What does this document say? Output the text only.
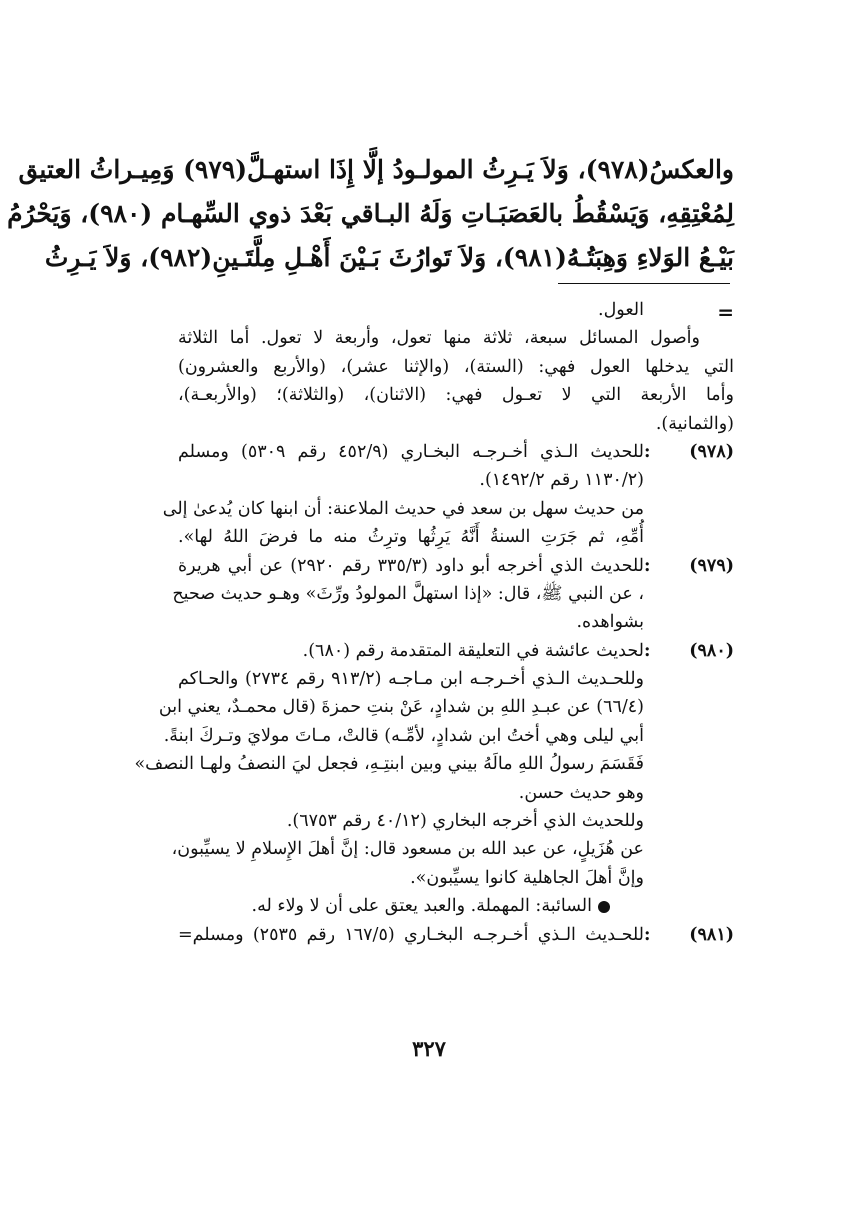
والعكسُ(٩٧٨)، وَلاَ يَـرِثُ المولـودُ إلَّا إِذَا استهـلَّ(٩٧٩) وَمِيـراثُ العتيق
لِمُعْتِقِهِ، وَيَسْقُطُ بالعَصَبَـاتِ وَلَهُ البـاقي بَعْدَ ذوي السِّهـام (٩٨٠)، وَيَحْرُمُ
بَيْـعُ الوَلاءِ وَهِبَتُـهُ(٩٨١)، وَلاَ تَوارُثَ بَـيْنَ أَهْـلِ مِلَّتَـينِ(٩٨٢)، وَلاَ يَـرِثُ
=
العول.
وأصول المسائل سبعة، ثلاثة منها تعول، وأربعة لا تعول. أما الثلاثة
التي يدخلها العول فهي: (الستة)، (والإثنا عشر)، (والأربع والعشرون)
وأما الأربعة التي لا تعـول فهي: (الاثنان)، (والثلاثة)؛ (والأربعـة)،
(والثمانية).
(٩٧٨) :
للحديث الـذي أخـرجـه البخـاري (٤٥٢/٩ رقم ٥٣٠٩) ومسلم
(١١٣٠/٢ رقم ١٤٩٢/٢).
من حديث سهل بن سعد في حديث الملاعنة: أن ابنها كان يُدعىٰ إلى
أُمِّهِ، ثم جَرَتِ السنةُ أَنَّهُ يَرِثُها وترِثُ منه ما فرضَ اللهُ لها».
(٩٧٩) :
للحديث الذي أخرجه أبو داود (٣٣٥/٣ رقم ٢٩٢٠) عن أبي هريرة
، عن النبي ﷺ، قال: «إذا استهلَّ المولودُ ورِّثَ» وهـو حديث صحيح
بشواهده.
(٩٨٠) :
لحديث عائشة في التعليقة المتقدمة رقم (٦٨٠).
وللحـديث الـذي أخـرجـه ابن مـاجـه (٩١٣/٢ رقم ٢٧٣٤) والحـاكم
(٦٦/٤) عن عبـدِ اللهِ بن شدادٍ، عَنْ بنتِ حمزةَ (قال محمـدٌ، يعني ابن
أبي ليلى وهي أختُ ابن شدادٍ، لأمِّـه) قالتْ، مـاتَ مولايَ وتـركَ ابنةً.
فَقَسَمَ رسولُ اللهِ مالَهُ بيني وبين ابنتِـهِ، فجعل ليَ النصفُ ولهـا النصف»
وهو حديث حسن.
وللحديث الذي أخرجه البخاري (٤٠/١٢ رقم ٦٧٥٣).
عن هُزَيلٍ، عن عبد الله بن مسعود قال: إنَّ أهلَ الإِسلامِ لا يسيِّبون،
وإنَّ أهلَ الجاهلية كانوا يسيِّبون».
السائبة: المهملة. والعبد يعتق على أن لا ولاء له.
(٩٨١) :
للحـديث الـذي أخـرجـه البخـاري (١٦٧/٥ رقم ٢٥٣٥) ومسلم=
٣٢٧
